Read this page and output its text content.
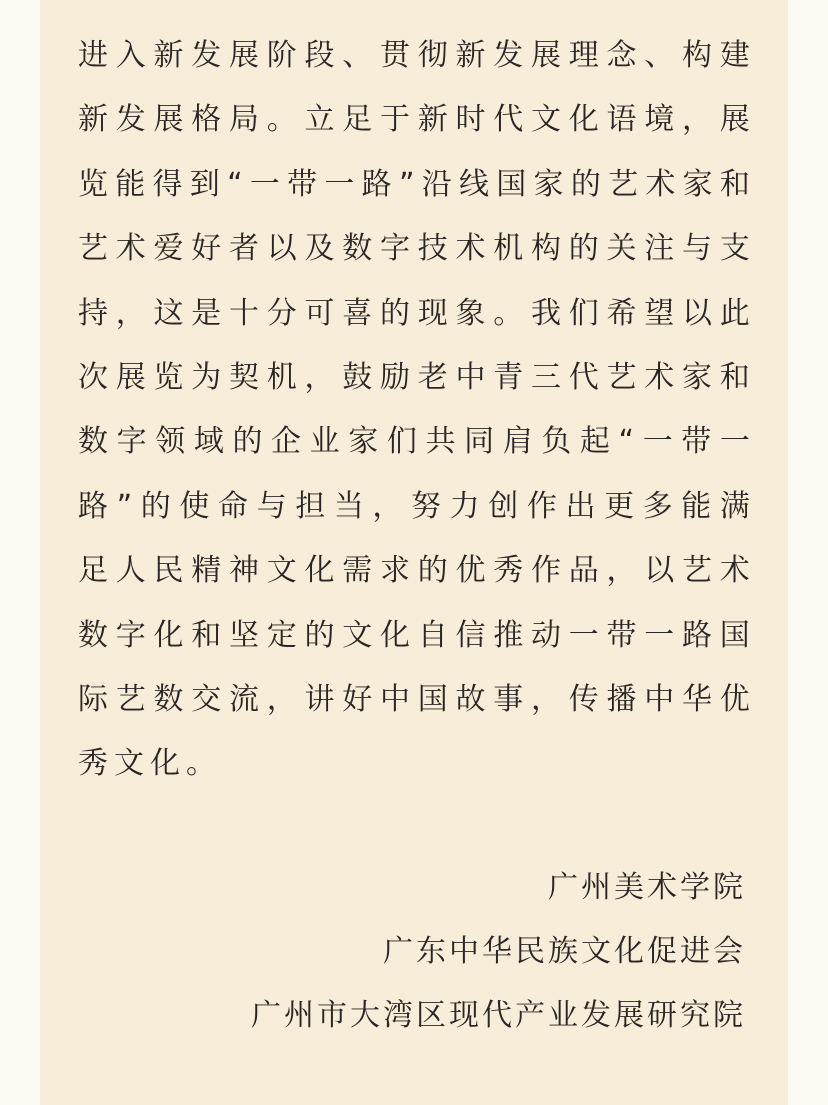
进 入 新 发 展 阶 段 、 贯 彻 新 发 展 理 念 、 构 建
新 发 展 格 局 。 立 足 于 新 时 代 文 化 语 境 ， 展
览 能 得 到 “ 一 带 一 路 ” 沿 线 国 家 的 艺 术 家 和
艺 术 爱 好 者 以 及 数 字 技 术 机 构 的 关 注 与 支
持 ， 这 是 十 分 可 喜 的 现 象 。 我 们 希 望 以 此
次 展 览 为 契 机 ， 鼓 励 老 中 青 三 代 艺 术 家 和
数 字 领 域 的 企 业 家 们 共 同 肩 负 起 “ 一 带 一
路 ” 的 使 命 与 担 当 ， 努 力 创 作 出 更 多 能 满
足 人 民 精 神 文 化 需 求 的 优 秀 作 品 ， 以 艺 术
数 字 化 和 坚 定 的 文 化 自 信 推 动 一 带 一 路 国
际 艺 数 交 流 ， 讲 好 中 国 故 事 ， 传 播 中 华 优
秀文化。
广州美术学院
广东中华民族文化促进会
广州市大湾区现代产业发展研究院
